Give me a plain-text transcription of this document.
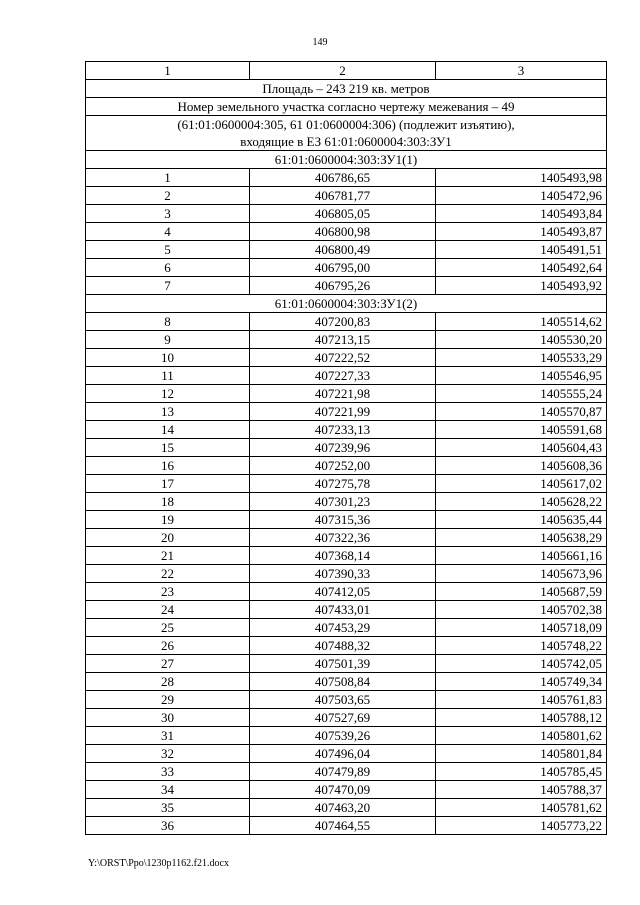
149
1	2	3
Площадь – 243 219 кв. метров		
Номер земельного участка согласно чертежу межевания – 49		

(61:01:0600004:305, 61 01:0600004:306) (подлежит изъятию),
входящие в ЕЗ 61:01:0600004:303:ЗУ1		

61:01:0600004:303:ЗУ1(1)		
1	406786,65	1405493,98
2	406781,77	1405472,96
3	406805,05	1405493,84
4	406800,98	1405493,87
5	406800,49	1405491,51
6	406795,00	1405492,64
7	406795,26	1405493,92
61:01:0600004:303:ЗУ1(2)		
8	407200,83	1405514,62
9	407213,15	1405530,20
10	407222,52	1405533,29
11	407227,33	1405546,95
12	407221,98	1405555,24
13	407221,99	1405570,87
14	407233,13	1405591,68
15	407239,96	1405604,43
16	407252,00	1405608,36
17	407275,78	1405617,02
18	407301,23	1405628,22
19	407315,36	1405635,44
20	407322,36	1405638,29
21	407368,14	1405661,16
22	407390,33	1405673,96
23	407412,05	1405687,59
24	407433,01	1405702,38
25	407453,29	1405718,09
26	407488,32	1405748,22
27	407501,39	1405742,05
28	407508,84	1405749,34
29	407503,65	1405761,83
30	407527,69	1405788,12
31	407539,26	1405801,62
32	407496,04	1405801,84
33	407479,89	1405785,45
34	407470,09	1405788,37
35	407463,20	1405781,62
36	407464,55	1405773,22
Y:\ORST\Ppo\1230p1162.f21.docx
